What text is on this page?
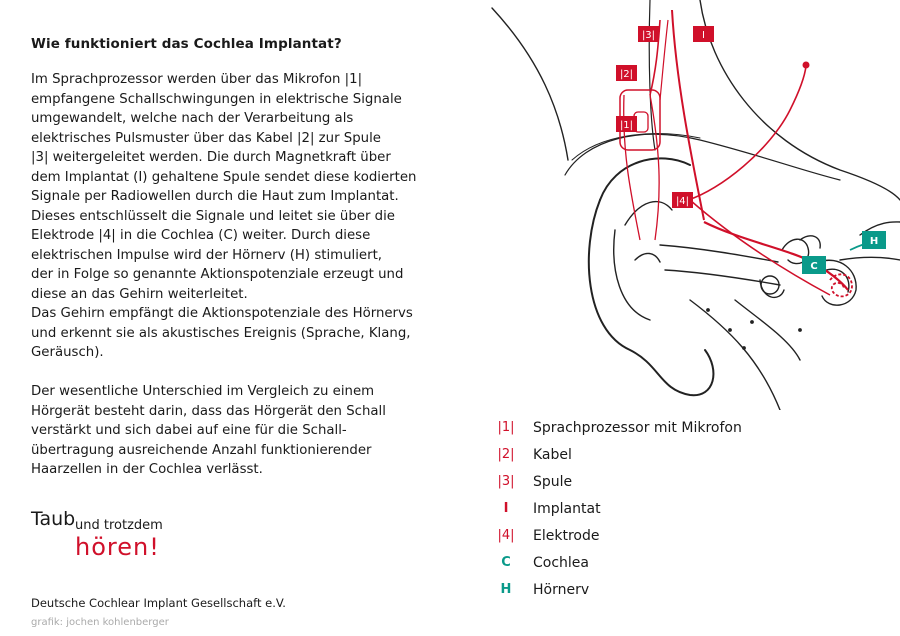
Wie funktioniert das Cochlea Implantat?
Im Sprachprozessor werden über das Mikrofon |1|
empfangene Schallschwingungen in elektrische Signale
umgewandelt, welche nach der Verarbeitung als
elektrisches Pulsmuster über das Kabel |2| zur Spule
|3| weitergeleitet werden. Die durch Magnetkraft über
dem Implantat (I) gehaltene Spule sendet diese kodierten
Signale per Radiowellen durch die Haut zum Implantat.
Dieses entschlüsselt die Signale und leitet sie über die
Elektrode |4| in die Cochlea (C) weiter. Durch diese
elektrischen Impulse wird der Hörnerv (H) stimuliert,
der in Folge so genannte Aktionspotenziale erzeugt und
diese an das Gehirn weiterleitet.
Das Gehirn empfängt die Aktionspotenziale des Hörnervs
und erkennt sie als akustisches Ereignis (Sprache, Klang,
Geräusch).
Der wesentliche Unterschied im Vergleich zu einem
Hörgerät besteht darin, dass das Hörgerät den Schall
verstärkt und sich dabei auf eine für die Schall-
übertragung ausreichende Anzahl funktionierender
Haarzellen in der Cochlea verlässt.
Taub und trotzdem
hören!
Deutsche Cochlear Implant Gesellschaft e.V.
grafik: jochen kohlenberger
|3|	I
|2|
|1|
|4|
H
C
|1|	Sprachprozessor mit Mikrofon
|2|	Kabel
|3|	Spule
I	Implantat
|4|	Elektrode
C	Cochlea
H	Hörnerv
